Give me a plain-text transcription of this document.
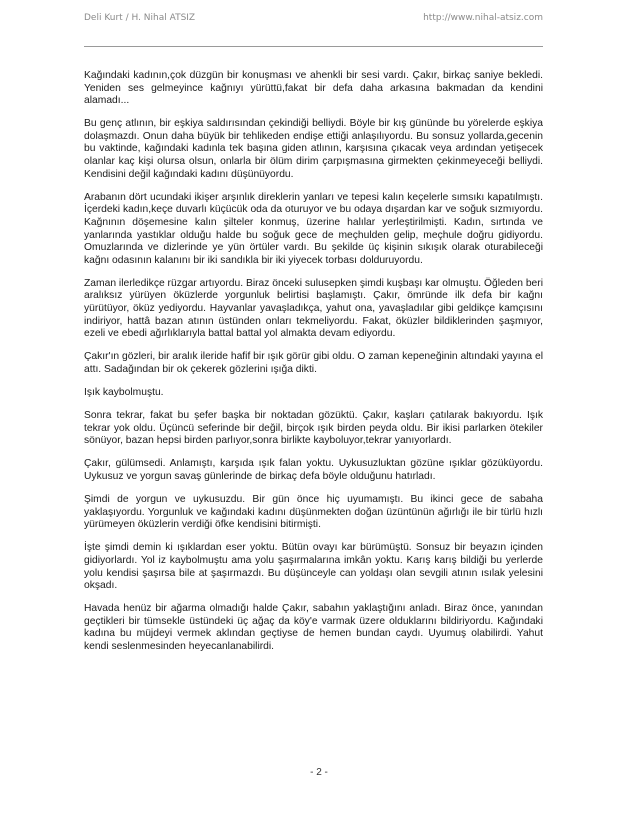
Deli Kurt / H. Nihal ATSIZ	http://www.nihal-atsiz.com

Kağındaki kadının,çok düzgün bir konuşması ve ahenkli bir sesi vardı. Çakır, birkaç saniye bekledi. Yeniden ses gelmeyince kağnıyı yürüttü,fakat bir defa daha arkasına bakmadan da kendini alamadı...

Bu genç atlının, bir eşkiya saldırısından çekindiği belliydi. Böyle bir kış gününde bu yörelerde eşkiya dolaşmazdı. Onun daha büyük bir tehlikeden endişe ettiği anlaşılıyordu. Bu sonsuz yollarda,gecenin bu vaktinde, kağındaki kadınla tek başına giden atlının, karşısına çıkacak veya ardından yetişecek olanlar kaç kişi olursa olsun, onlarla bir ölüm dirim çarpışmasına girmekten çekinmeyeceği belliydi. Kendisini değil kağındaki kadını düşünüyordu.

Arabanın dört ucundaki ikişer arşınlık direklerin yanları ve tepesi kalın keçelerle sımsıkı kapatılmıştı. İçerdeki kadın,keçe duvarlı küçücük oda da oturuyor ve bu odaya dışardan kar ve soğuk sızmıyordu. Kağnının döşemesine kalın şilteler konmuş, üzerine halılar yerleştirilmişti. Kadın, sırtında ve yanlarında yastıklar olduğu halde bu soğuk gece de meçhulden gelip, meçhule doğru gidiyordu. Omuzlarında ve dizlerinde ye yün örtüler vardı. Bu şekilde üç kişinin sıkışık olarak oturabileceği kağnı odasının kalanını bir iki sandıkla bir iki yiyecek torbası dolduruyordu.

Zaman ilerledikçe rüzgar artıyordu. Biraz önceki sulusepken şimdi kuşbaşı kar olmuştu. Öğleden beri aralıksız yürüyen öküzlerde yorgunluk belirtisi başlamıştı. Çakır, ömründe ilk defa bir kağnı yürütüyor, öküz yediyordu. Hayvanlar yavaşladıkça, yahut ona, yavaşladılar gibi geldikçe kamçısını indiriyor, hattâ bazan atının üstünden onları tekmeliyordu. Fakat, öküzler bildiklerinden şaşmıyor, ezeli ve ebedi ağırlıklarıyla battal battal yol almakta devam ediyordu.

Çakır'ın gözleri, bir aralık ileride hafif bir ışık görür gibi oldu. O zaman kepeneğinin altındaki yayına el attı. Sadağından bir ok çekerek gözlerini ışığa dikti.

Işık kaybolmuştu.

Sonra tekrar, fakat bu şefer başka bir noktadan gözüktü. Çakır, kaşları çatılarak bakıyordu. Işık tekrar yok oldu. Üçüncü seferinde bir değil, birçok ışık birden peyda oldu. Bir ikisi parlarken ötekiler sönüyor, bazan hepsi birden parlıyor,sonra birlikte kayboluyor,tekrar yanıyorlardı.

Çakır, gülümsedi. Anlamıştı, karşıda ışık falan yoktu. Uykusuzluktan gözüne ışıklar gözüküyordu. Uykusuz ve yorgun savaş günlerinde de birkaç defa böyle olduğunu hatırladı.

Şimdi de yorgun ve uykusuzdu. Bir gün önce hiç uyumamıştı. Bu ikinci gece de sabaha yaklaşıyordu. Yorgunluk ve kağındaki kadını düşünmekten doğan üzüntünün ağırlığı ile bir türlü hızlı yürümeyen öküzlerin verdiği öfke kendisini bitirmişti.

İşte şimdi demin ki ışıklardan eser yoktu. Bütün ovayı kar bürümüştü. Sonsuz bir beyazın içinden gidiyorlardı. Yol iz kaybolmuştu ama yolu şaşırmalarına imkân yoktu. Karış karış bildiği bu yerlerde yolu kendisi şaşırsa bile at şaşırmazdı. Bu düşünceyle can yoldaşı olan sevgili atının ısılak yelesini okşadı.

Havada henüz bir ağarma olmadığı halde Çakır, sabahın yaklaştığını anladı. Biraz önce, yanından geçtikleri bir tümsekle üstündeki üç ağaç da köy'e varmak üzere olduklarını bildiriyordu. Kağındaki kadına bu müjdeyi vermek aklından geçtiyse de hemen bundan caydı. Uyumuş olabilirdi. Yahut kendi seslenmesinden heyecanlanabilirdi.

- 2 -
